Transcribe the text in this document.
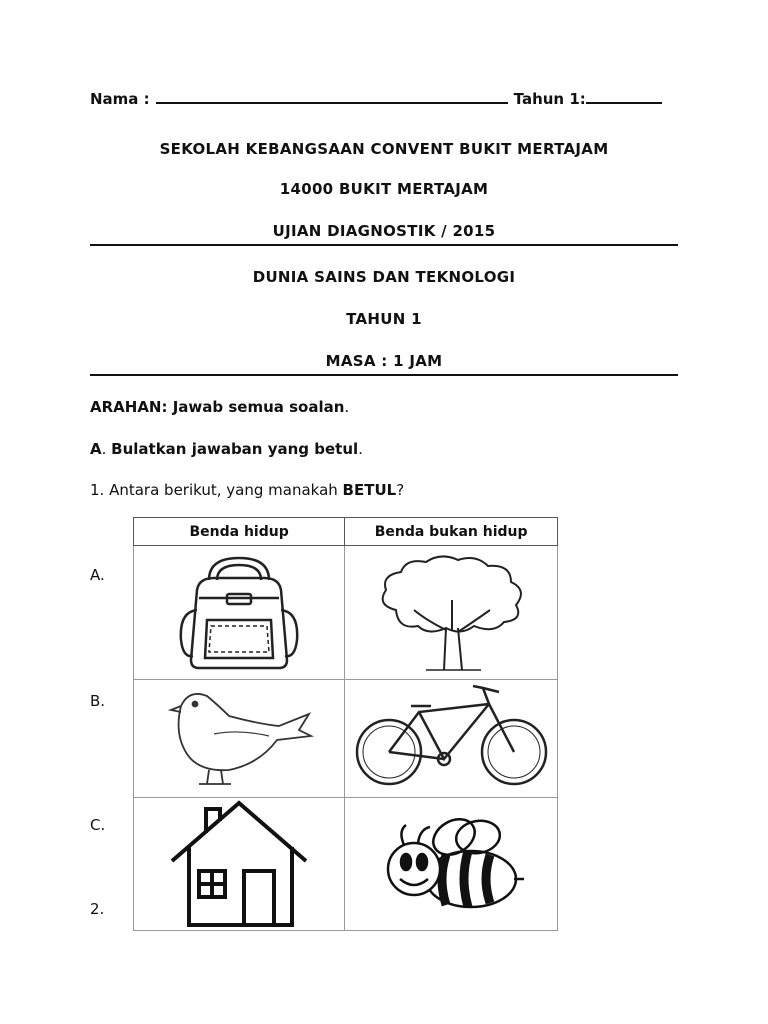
Nama :	Tahun 1:
SEKOLAH KEBANGSAAN CONVENT BUKIT MERTAJAM
14000 BUKIT MERTAJAM
UJIAN DIAGNOSTIK / 2015
DUNIA SAINS DAN TEKNOLOGI
TAHUN 1
MASA : 1 JAM
ARAHAN: Jawab semua soalan.
A. Bulatkan jawaban yang betul.
1. Antara berikut, yang manakah BETUL?
Benda hidup	Benda bukan hidup

A.
B.
C.
2.
